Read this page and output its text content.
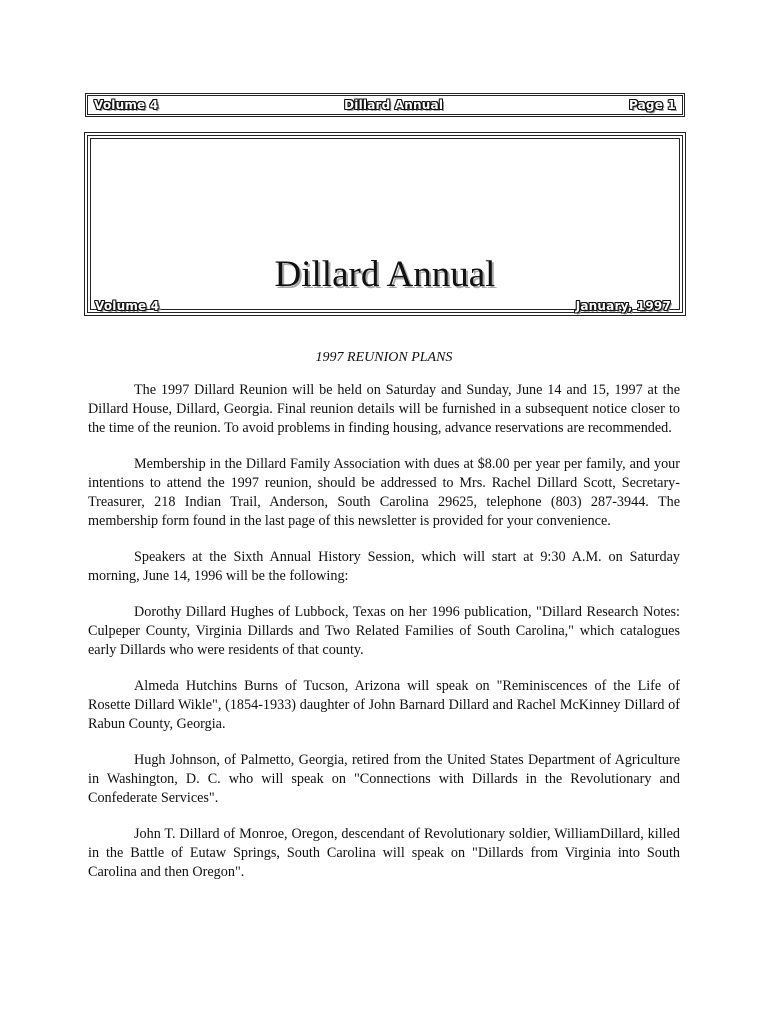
Volume 4	Dillard Annual	Page 1
Dillard Annual
Volume 4	January, 1997

1997 REUNION PLANS

The 1997 Dillard Reunion will be held on Saturday and Sunday, June 14 and 15, 1997 at the Dillard House, Dillard, Georgia. Final reunion details will be furnished in a subsequent notice closer to the time of the reunion. To avoid problems in finding housing, advance reservations are recommended.

Membership in the Dillard Family Association with dues at $8.00 per year per family, and your intentions to attend the 1997 reunion, should be addressed to Mrs. Rachel Dillard Scott, Secretary-Treasurer, 218 Indian Trail, Anderson, South Carolina 29625, telephone (803) 287-3944. The membership form found in the last page of this newsletter is provided for your convenience.

Speakers at the Sixth Annual History Session, which will start at 9:30 A.M. on Saturday morning, June 14, 1996 will be the following:

Dorothy Dillard Hughes of Lubbock, Texas on her 1996 publication, "Dillard Research Notes: Culpeper County, Virginia Dillards and Two Related Families of South Carolina," which catalogues early Dillards who were residents of that county.

Almeda Hutchins Burns of Tucson, Arizona will speak on "Reminiscences of the Life of Rosette Dillard Wikle", (1854-1933) daughter of John Barnard Dillard and Rachel McKinney Dillard of Rabun County, Georgia.

Hugh Johnson, of Palmetto, Georgia, retired from the United States Department of Agriculture in Washington, D. C. who will speak on "Connections with Dillards in the Revolutionary and Confederate Services".

John T. Dillard of Monroe, Oregon, descendant of Revolutionary soldier, WilliamDillard, killed in the Battle of Eutaw Springs, South Carolina will speak on "Dillards from Virginia into South Carolina and then Oregon".
